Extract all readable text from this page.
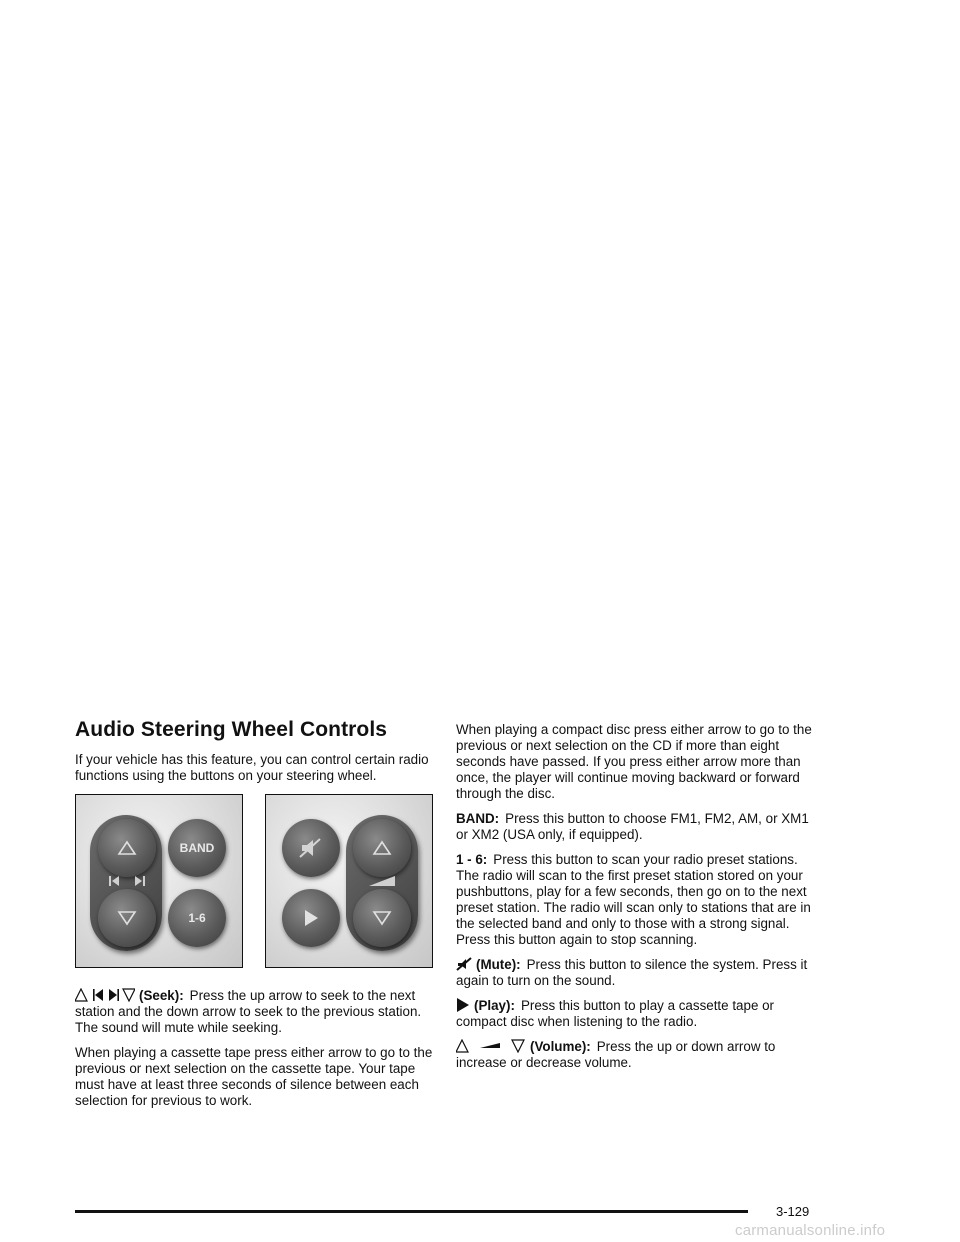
Audio Steering Wheel Controls

If your vehicle has this feature, you can control certain radio functions using the buttons on your steering wheel.

BAND
1-6

(Seek): Press the up arrow to seek to the next station and the down arrow to seek to the previous station. The sound will mute while seeking.

When playing a cassette tape press either arrow to go to the previous or next selection on the cassette tape. Your tape must have at least three seconds of silence between each selection for previous to work.

When playing a compact disc press either arrow to go to the previous or next selection on the CD if more than eight seconds have passed. If you press either arrow more than once, the player will continue moving backward or forward through the disc.

BAND: Press this button to choose FM1, FM2, AM, or XM1 or XM2 (USA only, if equipped).

1 - 6: Press this button to scan your radio preset stations. The radio will scan to the first preset station stored on your pushbuttons, play for a few seconds, then go on to the next preset station. The radio will scan only to stations that are in the selected band and only to those with a strong signal. Press this button again to stop scanning.

(Mute): Press this button to silence the system. Press it again to turn on the sound.

(Play): Press this button to play a cassette tape or compact disc when listening to the radio.

(Volume): Press the up or down arrow to increase or decrease volume.

3-129
carmanualsonline.info
